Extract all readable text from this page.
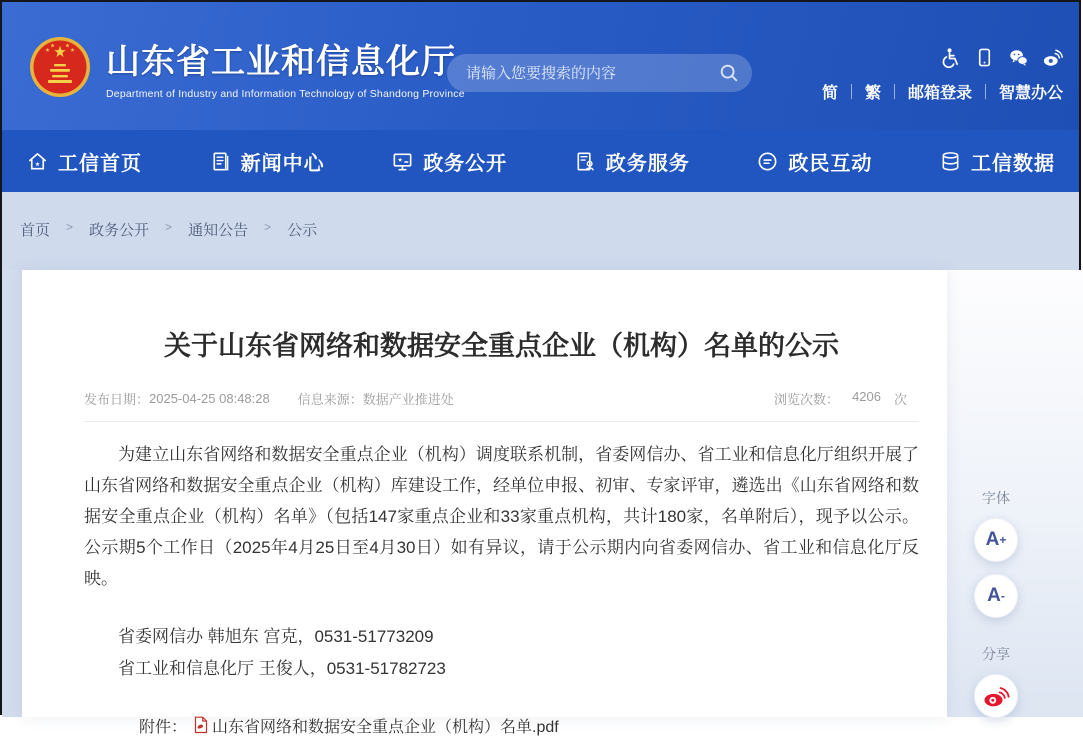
山东省工业和信息化厅
Department of Industry and Information Technology of Shandong Province
请输入您要搜索的内容	简 繁 邮箱登录 智慧办公
工信首页	新闻中心	政务公开	政务服务	政民互动	工信数据
首页 > 政务公开 > 通知公告 > 公示
字体
A +
A -
分享
关于山东省网络和数据安全重点企业（机构）名单的公示
发布日期： 2025-04-25 08:48:28 信息来源： 数据产业推进处	浏览次数： 4206 次

为建立山东省网络和数据安全重点企业（机构）调度联系机制，省委网信办、省工业和信息化厅组织开展了山东省网络和数据安全重点企业（机构）库建设工作，经单位申报、初审、专家评审，遴选出《山东省网络和数据安全重点企业（机构）名单》（包括147家重点企业和33家重点机构，共计180家，名单附后），现予以公示。公示期5个工作日（2025年4月25日至4月30日）如有异议，请于公示期内向省委网信办、省工业和信息化厅反映。

省委网信办 韩旭东 宫克，0531-51773209

省工业和信息化厅 王俊人，0531-51782723

附件： 山东省网络和数据安全重点企业（机构）名单.pdf
